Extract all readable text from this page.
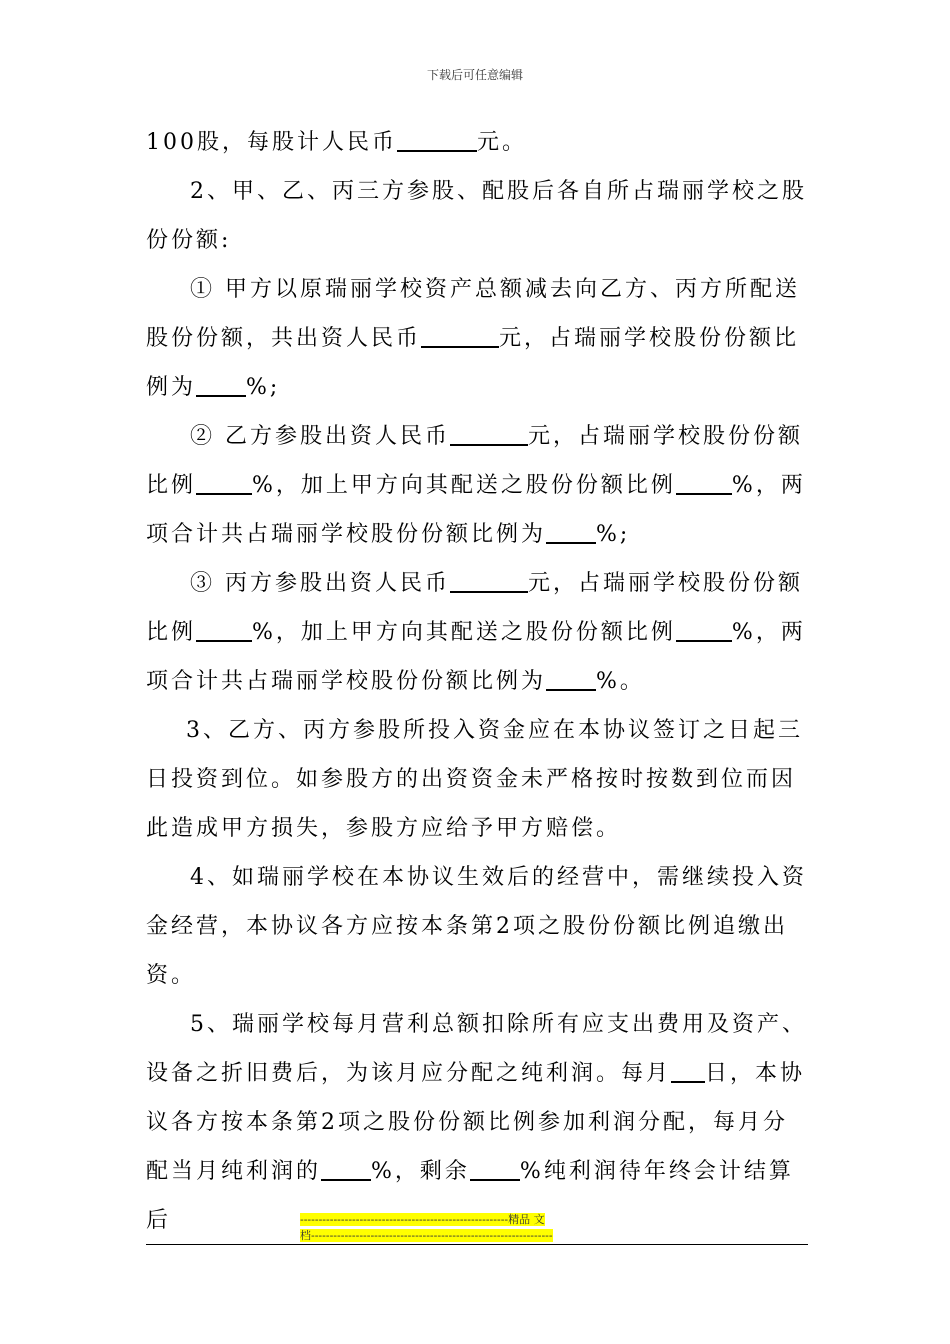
下载后可任意编辑

100股，每股计人民币	元。

2、甲、乙、丙三方参股、配股后各自所占瑞丽学校之股份份额:

① 甲方以原瑞丽学校资产总额减去向乙方、丙方所配送股份份额，共出资人民币	元，占瑞丽学校股份份额比例为 %;

② 乙方参股出资人民币	元，占瑞丽学校股份份额比例	%，加上甲方向其配送之股份份额比例	%，两项合计共占瑞丽学校股份份额比例为 %;

③ 丙方参股出资人民币	元，占瑞丽学校股份份额比例	%，加上甲方向其配送之股份份额比例	%，两项合计共占瑞丽学校股份份额比例为 %。

3、乙方、丙方参股所投入资金应在本协议签订之日起三日投资到位。如参股方的出资资金未严格按时按数到位而因此造成甲方损失，参股方应给予甲方赔偿。

4、如瑞丽学校在本协议生效后的经营中，需继续投入资金经营，本协议各方应按本条第2项之股份份额比例追缴出资。

5、瑞丽学校每月营利总额扣除所有应支出费用及资产、设备之折旧费后，为该月应分配之纯利润。每月 日，本协议各方按本条第2项之股份份额比例参加利润分配，每月分配当月纯利润的 %，剩余 %纯利润待年终会计结算后	--------------------------------------------------------精品 文
档-----------------------------------------------------------------
